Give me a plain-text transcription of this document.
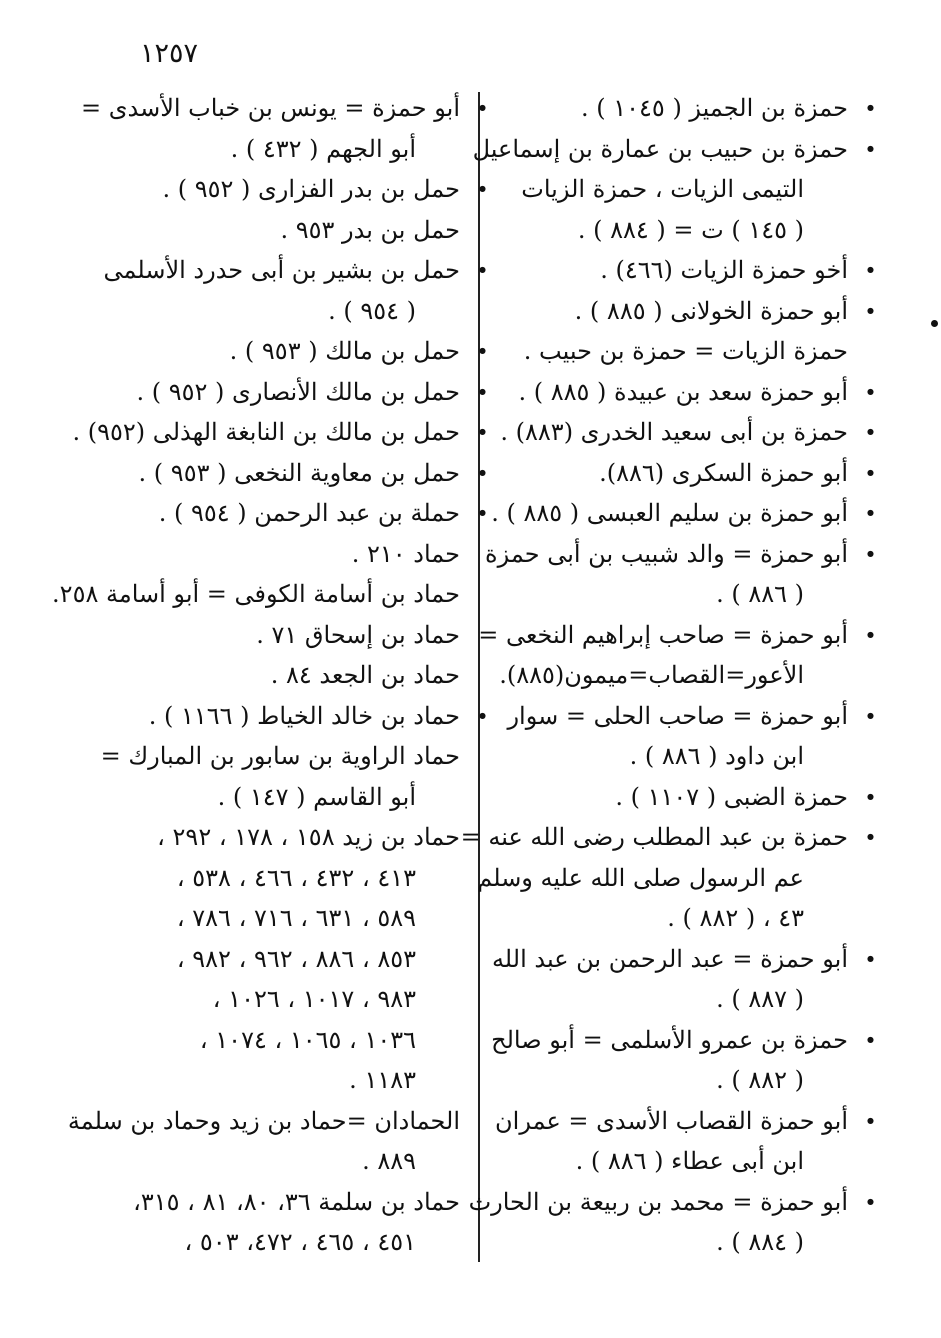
١٢٥٧
● حمزة بن الجميز ( ١٠٤٥ ) .
● حمزة بن حبيب بن عمارة بن إسماعيل
التيمى الزيات ، حمزة الزيات
( ١٤٥ ) ت = ( ٨٨٤ ) .
● أخو حمزة الزيات (٤٦٦) .
● أبو حمزة الخولانى ( ٨٨٥ ) .
حمزة الزيات = حمزة بن حبيب .
● أبو حمزة سعد بن عبيدة ( ٨٨٥ ) .
● حمزة بن أبى سعيد الخدرى (٨٨٣) .
● أبو حمزة السكرى (٨٨٦).
● أبو حمزة بن سليم العبسى ( ٨٨٥ ) .
● أبو حمزة = والد شبيب بن أبى حمزة
( ٨٨٦ ) .
● أبو حمزة = صاحب إبراهيم النخعى =
الأعور=القصاب=ميمون(٨٨٥).
● أبو حمزة = صاحب الحلى = سوار
ابن داود ( ٨٨٦ ) .
● حمزة الضبى ( ١١٠٧ ) .
● حمزة بن عبد المطلب رضى الله عنه =
عم الرسول صلى الله عليه وسلم
٤٣ ، ( ٨٨٢ ) .
● أبو حمزة = عبد الرحمن بن عبد الله
( ٨٨٧ ) .
● حمزة بن عمرو الأسلمى = أبو صالح
( ٨٨٢ ) .
● أبو حمزة القصاب الأسدى = عمران
ابن أبى عطاء ( ٨٨٦ ) .
● أبو حمزة = محمد بن ربيعة بن الحارث
( ٨٨٤ ) .
● أبو حمزة = يونس بن خباب الأسدى =
أبو الجهم ( ٤٣٢ ) .
● حمل بن بدر الفزارى ( ٩٥٢ ) .
حمل بن بدر ٩٥٣ .
● حمل بن بشير بن أبى حدرد الأسلمى
( ٩٥٤ ) .
● حمل بن مالك ( ٩٥٣ ) .
● حمل بن مالك الأنصارى ( ٩٥٢ ) .
● حمل بن مالك بن النابغة الهذلى (٩٥٢) .
● حمل بن معاوية النخعى ( ٩٥٣ ) .
● حملة بن عبد الرحمن ( ٩٥٤ ) .
حماد ٢١٠ .
حماد بن أسامة الكوفى = أبو أسامة ٢٥٨.
حماد بن إسحاق ٧١ .
حماد بن الجعد ٨٤ .
● حماد بن خالد الخياط ( ١١٦٦ ) .
حماد الراوية بن سابور بن المبارك =
أبو القاسم ( ١٤٧ ) .
حماد بن زيد ١٥٨ ، ١٧٨ ، ٢٩٢ ،
٤١٣ ، ٤٣٢ ، ٤٦٦ ، ٥٣٨ ،
٥٨٩ ، ٦٣١ ، ٧١٦ ، ٧٨٦ ،
٨٥٣ ، ٨٨٦ ، ٩٦٢ ، ٩٨٢ ،
٩٨٣ ، ١٠١٧ ، ١٠٢٦ ،
١٠٣٦ ، ١٠٦٥ ، ١٠٧٤ ،
١١٨٣ .
الحمادان =حماد بن زيد وحماد بن سلمة
٨٨٩ .
حماد بن سلمة ٣٦، ٨٠، ٨١ ، ٣١٥،
٤٥١ ، ٤٦٥ ، ٤٧٢، ٥٠٣ ،
